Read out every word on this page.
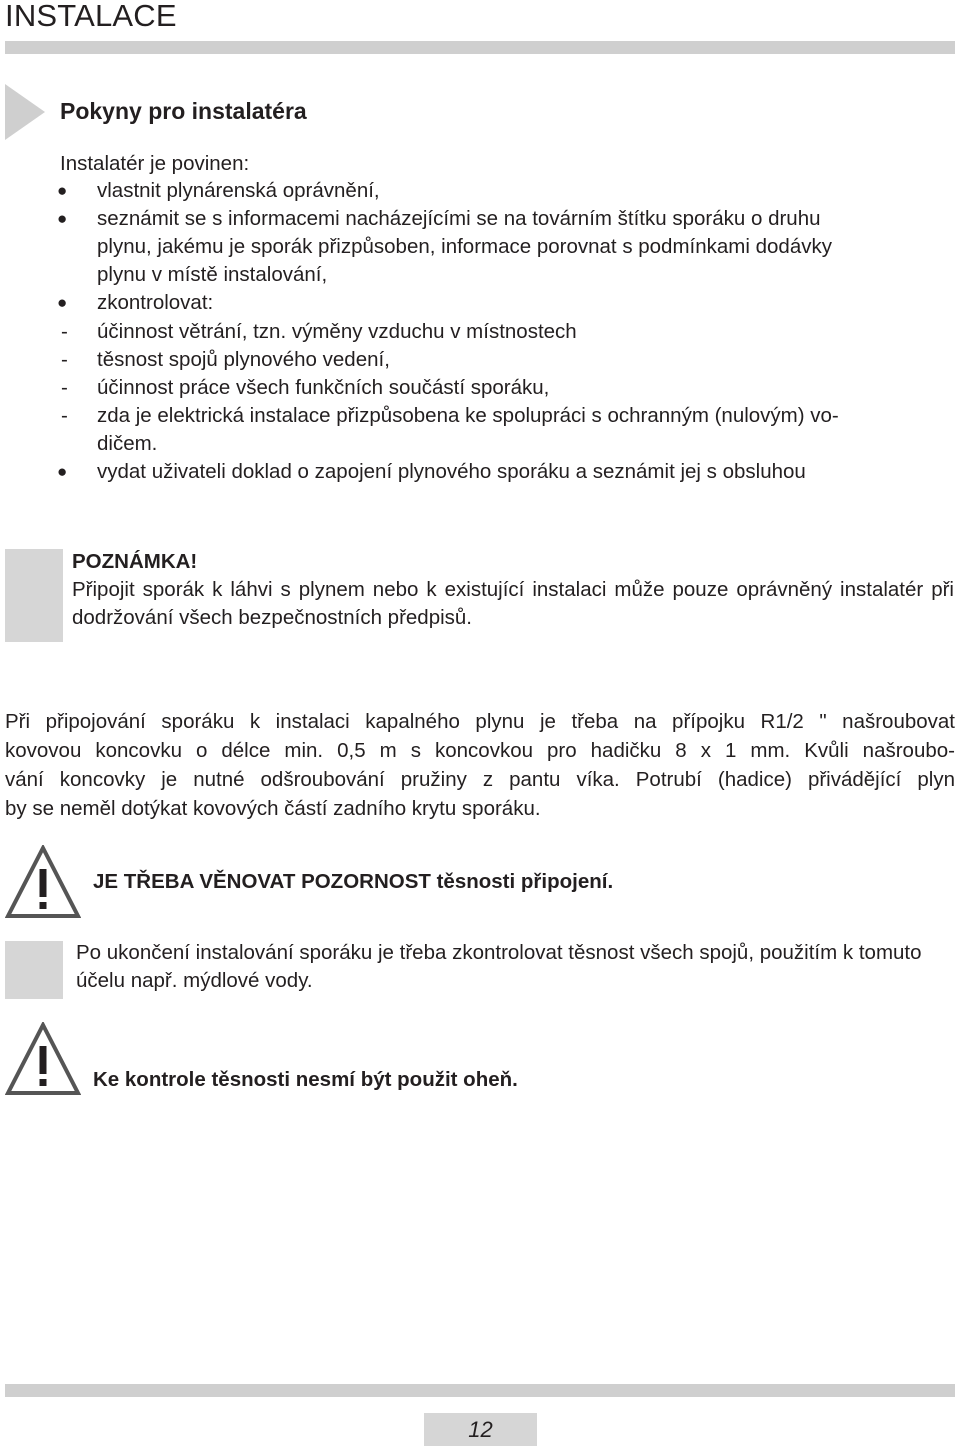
INSTALACE
Pokyny pro instalatéra
Instalatér je povinen:
● vlastnit plynárenská oprávnění,
● seznámit se s informacemi nacházejícími se na továrním štítku sporáku o druhu
plynu, jakému je sporák přizpůsoben, informace porovnat s podmínkami dodávky
plynu v místě instalování,
● zkontrolovat:
- účinnost větrání, tzn. výměny vzduchu v místnostech
- těsnost spojů plynového vedení,
- účinnost práce všech funkčních součástí sporáku,
- zda je elektrická instalace přizpůsobena ke spolupráci s ochranným (nulovým) vo-
dičem.
● vydat uživateli doklad o zapojení plynového sporáku a seznámit jej s obsluhou
POZNÁMKA!
Připojit sporák k láhvi s plynem nebo k existující instalaci může pouze oprávněný instalatér při dodržování všech bezpečnostních předpisů.
Při připojování sporáku k instalaci kapalného plynu je třeba na přípojku R1/2 " našroubovat
kovovou koncovku o délce min. 0,5 m s koncovkou pro hadičku 8 x 1 mm. Kvůli našroubo-
vání koncovky je nutné odšroubování pružiny z pantu víka. Potrubí (hadice) přivádějící plyn
by se neměl dotýkat kovových částí zadního krytu sporáku.
JE TŘEBA VĚNOVAT POZORNOST těsnosti připojení.
Po ukončení instalování sporáku je třeba zkontrolovat těsnost všech spojů, použitím k tomuto účelu např. mýdlové vody.
Ke kontrole těsnosti nesmí být použit oheň.
12
